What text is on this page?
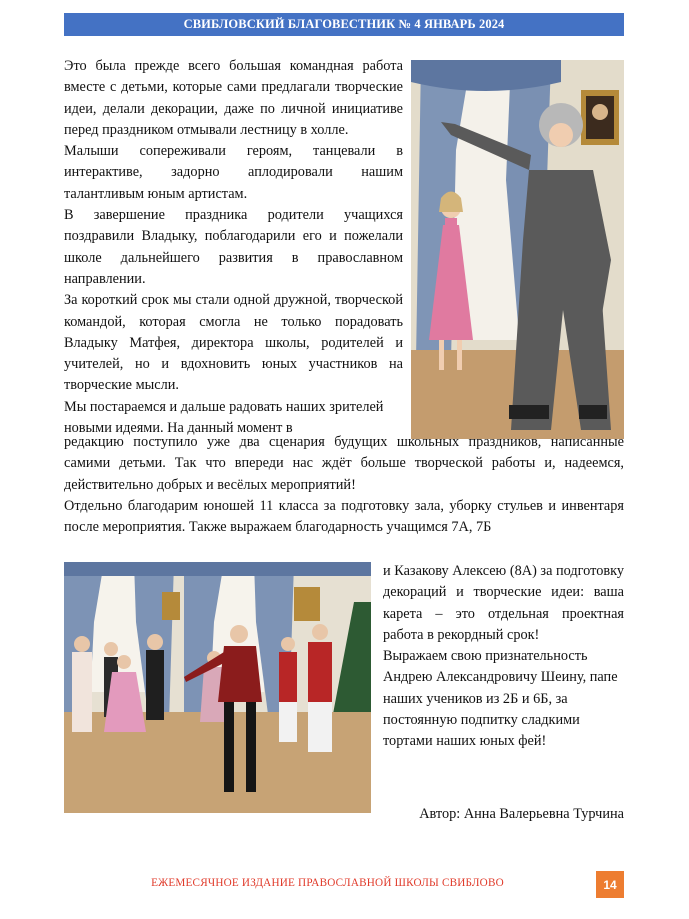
СВИБЛОВСКИЙ БЛАГОВЕСТНИК № 4 ЯНВАРЬ 2024

Это была прежде всего большая командная работа вместе с детьми, которые сами предлагали творческие идеи, делали декорации, даже по личной инициативе перед праздником отмывали лестницу в холле.

Малыши сопереживали героям, танцевали в интерактиве, задорно аплодировали нашим талантливым юным артистам.

В завершение праздника родители учащихся поздравили Владыку, поблагодарили его и пожелали школе дальнейшего развития в православном направлении.

За короткий срок мы стали одной дружной, творческой командой, которая смогла не только порадовать Владыку Матфея, директора школы, родителей и учителей, но и вдохновить юных участников на творческие мысли.

Мы постараемся и дальше радовать наших зрителей новыми идеями. На данный момент в

редакцию поступило уже два сценария будущих школьных праздников, написанные самими детьми. Так что впереди нас ждёт больше творческой работы и, надеемся, действительно добрых и весёлых мероприятий!

Отдельно благодарим юношей 11 класса за подготовку зала, уборку стульев и инвентаря после мероприятия. Также выражаем благодарность учащимся 7А, 7Б

и Казакову Алексею (8А) за подготовку декораций и творческие идеи: ваша карета – это отдельная проектная работа в рекордный срок!

Выражаем свою признательность Андрею Александровичу Шеину, папе наших учеников из 2Б и 6Б, за постоянную подпитку сладкими тортами наших юных фей!

Автор: Анна Валерьевна Турчина
ЕЖЕМЕСЯЧНОЕ ИЗДАНИЕ ПРАВОСЛАВНОЙ ШКОЛЫ СВИБЛОВО	14
